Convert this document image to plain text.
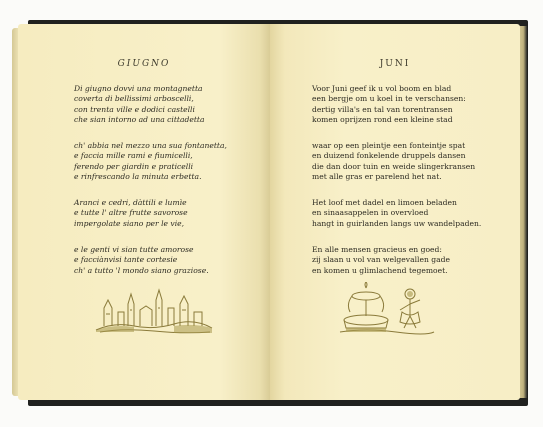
GIUGNO
Di giugno dovvi una montagnetta
coverta di bellissimi arboscelli,
con trenta ville e dodici castelli
che sian intorno ad una cittadetta
ch' abbia nel mezzo una sua fontanetta,
e faccia mille rami e fiumicelli,
ferendo per giardin e praticelli
e rinfrescando la minuta erbetta.
Aranci e cedri, dàttili e lumìe
e tutte l' altre frutte savorose
impergolate siano per le vie,
e le genti vi sian tutte amorose
e facciànvisi tante cortesie
ch' a tutto 'l mondo siano graziose.
JUNI
Voor Juni geef ik u vol boom en blad
een bergje om u koel in te verschansen:
dertig villa's en tal van torentransen
komen oprijzen rond een kleine stad
waar op een pleintje een fonteintje spat
en duizend fonkelende druppels dansen
die dan door tuin en weide slingerkransen
met alle gras er parelend het nat.
Het loof met dadel en limoen beladen
en sinaasappelen in overvloed
hangt in guirlanden langs uw wandelpaden.
En alle mensen gracieus en goed:
zij slaan u vol van welgevallen gade
en komen u glimlachend tegemoet.
